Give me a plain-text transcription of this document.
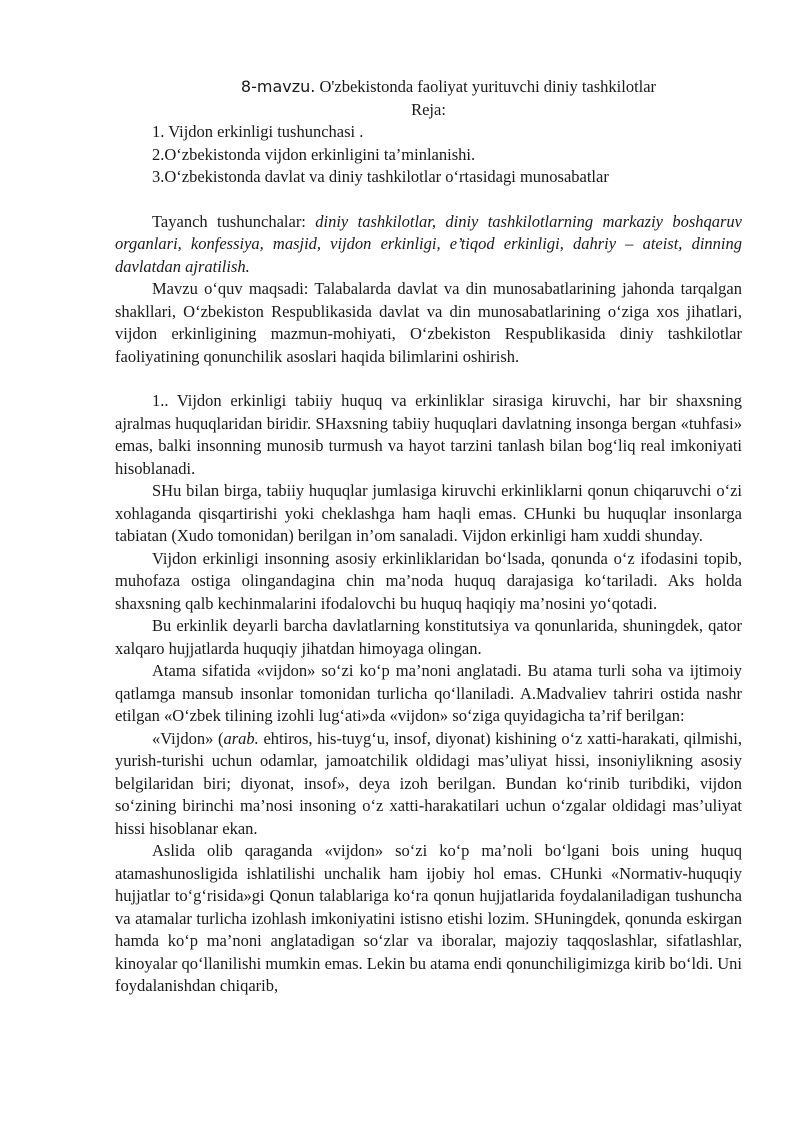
8-mavzu. O'zbekistonda faoliyat yurituvchi diniy tashkilotlar
Reja:
1. Vijdon erkinligi tushunchasi .
2.O‘zbekistonda vijdon erkinligini ta’minlanishi.
3.O‘zbekistonda davlat va diniy tashkilotlar o‘rtasidagi munosabatlar

Tayanch tushunchalar: diniy tashkilotlar, diniy tashkilotlarning markaziy boshqaruv organlari, konfessiya, masjid, vijdon erkinligi, e’tiqod erkinligi, dahriy – ateist, dinning davlatdan ajratilish.

Mavzu o‘quv maqsadi: Talabalarda davlat va din munosabatlarining jahonda tarqalgan shakllari, O‘zbekiston Respublikasida davlat va din munosabatlarining o‘ziga xos jihatlari, vijdon erkinligining mazmun-mohiyati, O‘zbekiston Respublikasida diniy tashkilotlar faoliyatining qonunchilik asoslari haqida bilimlarini oshirish.

1.. Vijdon erkinligi tabiiy huquq va erkinliklar sirasiga kiruvchi, har bir shaxsning ajralmas huquqlaridan biridir. SHaxsning tabiiy huquqlari davlatning insonga bergan «tuhfasi» emas, balki insonning munosib turmush va hayot tarzini tanlash bilan bog‘liq real imkoniyati hisoblanadi.

SHu bilan birga, tabiiy huquqlar jumlasiga kiruvchi erkinliklarni qonun chiqaruvchi o‘zi xohlaganda qisqartirishi yoki cheklashga ham haqli emas. CHunki bu huquqlar insonlarga tabiatan (Xudo tomonidan) berilgan in’om sanaladi. Vijdon erkinligi ham xuddi shunday.

Vijdon erkinligi insonning asosiy erkinliklaridan bo‘lsada, qonunda o‘z ifodasini topib, muhofaza ostiga olingandagina chin ma’noda huquq darajasiga ko‘tariladi. Aks holda shaxsning qalb kechinmalarini ifodalovchi bu huquq haqiqiy ma’nosini yo‘qotadi.

Bu erkinlik deyarli barcha davlatlarning konstitutsiya va qonunlarida, shuningdek, qator xalqaro hujjatlarda huquqiy jihatdan himoyaga olingan.

Atama sifatida «vijdon» so‘zi ko‘p ma’noni anglatadi. Bu atama turli soha va ijtimoiy qatlamga mansub insonlar tomonidan turlicha qo‘llaniladi. A.Madvaliev tahriri ostida nashr etilgan «O‘zbek tilining izohli lug‘ati»da «vijdon» so‘ziga quyidagicha ta’rif berilgan:

«Vijdon» (arab. ehtiros, his-tuyg‘u, insof, diyonat) kishining o‘z xatti-harakati, qilmishi, yurish-turishi uchun odamlar, jamoatchilik oldidagi mas’uliyat hissi, insoniylikning asosiy belgilaridan biri; diyonat, insof», deya izoh berilgan. Bundan ko‘rinib turibdiki, vijdon so‘zining birinchi ma’nosi insoning o‘z xatti-harakatilari uchun o‘zgalar oldidagi mas’uliyat hissi hisoblanar ekan.

Aslida olib qaraganda «vijdon» so‘zi ko‘p ma’noli bo‘lgani bois uning huquq atamashunosligida ishlatilishi unchalik ham ijobiy hol emas. CHunki «Normativ-huquqiy hujjatlar to‘g‘risida»gi Qonun talablariga ko‘ra qonun hujjatlarida foydalaniladigan tushuncha va atamalar turlicha izohlash imkoniyatini istisno etishi lozim. SHuningdek, qonunda eskirgan hamda ko‘p ma’noni anglatadigan so‘zlar va iboralar, majoziy taqqoslashlar, sifatlashlar, kinoyalar qo‘llanilishi mumkin emas. Lekin bu atama endi qonunchiligimizga kirib bo‘ldi. Uni foydalanishdan chiqarib,
